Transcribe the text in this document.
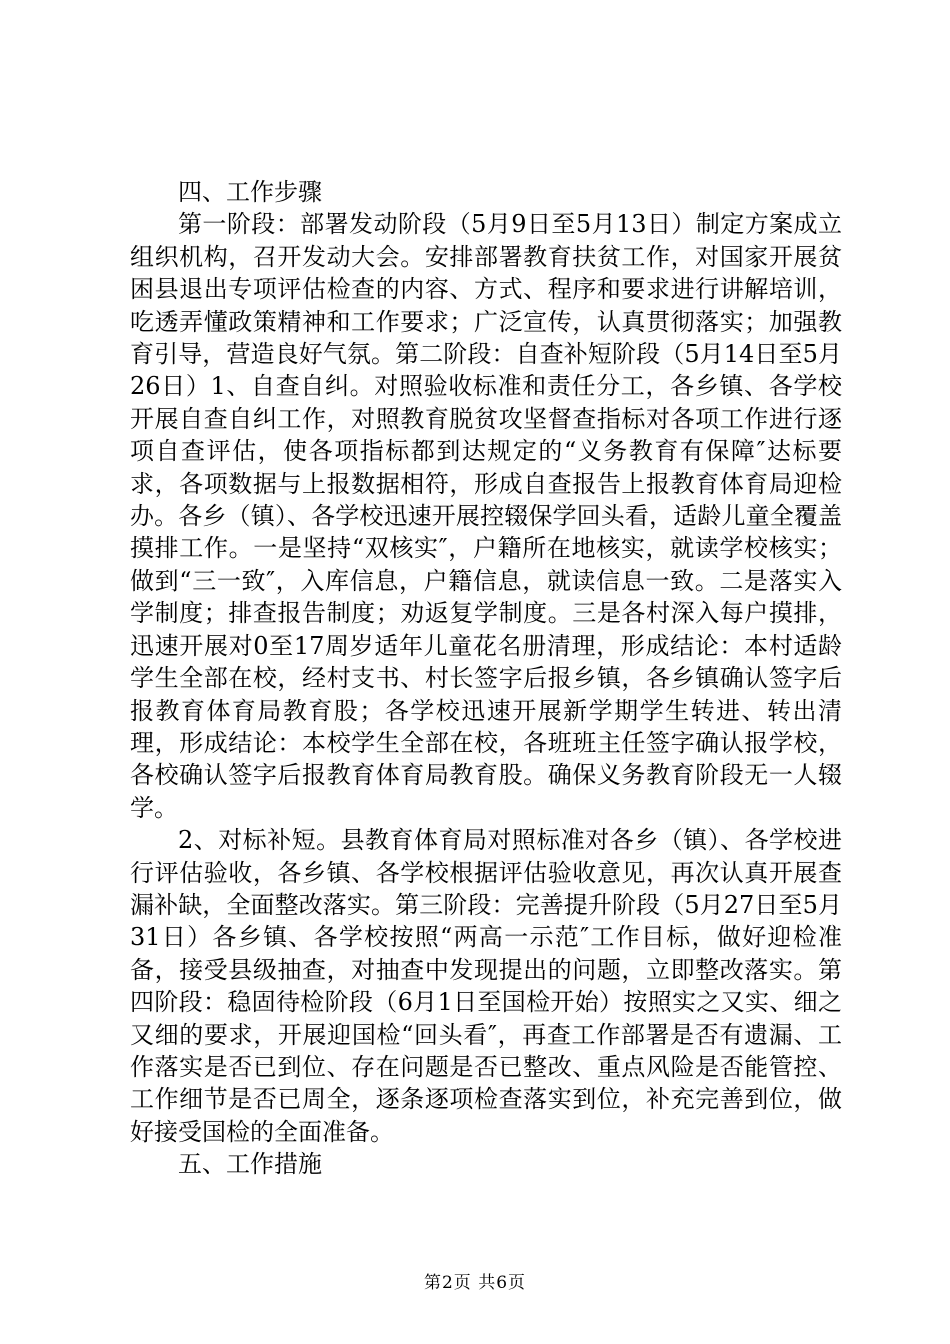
四、工作步骤

第一阶段：部署发动阶段（5月9日至5月13日）制定方案成立组织机构，召开发动大会。安排部署教育扶贫工作，对国家开展贫困县退出专项评估检查的内容、方式、程序和要求进行讲解培训，吃透弄懂政策精神和工作要求；广泛宣传，认真贯彻落实；加强教育引导，营造良好气氛。第二阶段：自查补短阶段（5月14日至5月26日）1、自查自纠。对照验收标准和责任分工，各乡镇、各学校开展自查自纠工作，对照教育脱贫攻坚督查指标对各项工作进行逐项自查评估，使各项指标都到达规定的“义务教育有保障″达标要求，各项数据与上报数据相符，形成自查报告上报教育体育局迎检办。各乡（镇）、各学校迅速开展控辍保学回头看，适龄儿童全覆盖摸排工作。一是坚持“双核实″，户籍所在地核实，就读学校核实；做到“三一致″，入库信息，户籍信息，就读信息一致。二是落实入学制度；排查报告制度；劝返复学制度。三是各村深入每户摸排，迅速开展对0至17周岁适年儿童花名册清理，形成结论：本村适龄学生全部在校，经村支书、村长签字后报乡镇，各乡镇确认签字后报教育体育局教育股；各学校迅速开展新学期学生转进、转出清理，形成结论：本校学生全部在校，各班班主任签字确认报学校，各校确认签字后报教育体育局教育股。确保义务教育阶段无一人辍学。

2、对标补短。县教育体育局对照标准对各乡（镇）、各学校进行评估验收，各乡镇、各学校根据评估验收意见，再次认真开展查漏补缺，全面整改落实。第三阶段：完善提升阶段（5月27日至5月31日）各乡镇、各学校按照“两高一示范″工作目标，做好迎检准备，接受县级抽查，对抽查中发现提出的问题，立即整改落实。第四阶段：稳固待检阶段（6月1日至国检开始）按照实之又实、细之又细的要求，开展迎国检“回头看″，再查工作部署是否有遗漏、工作落实是否已到位、存在问题是否已整改、重点风险是否能管控、工作细节是否已周全，逐条逐项检查落实到位，补充完善到位，做好接受国检的全面准备。

五、工作措施

第2页 共6页
